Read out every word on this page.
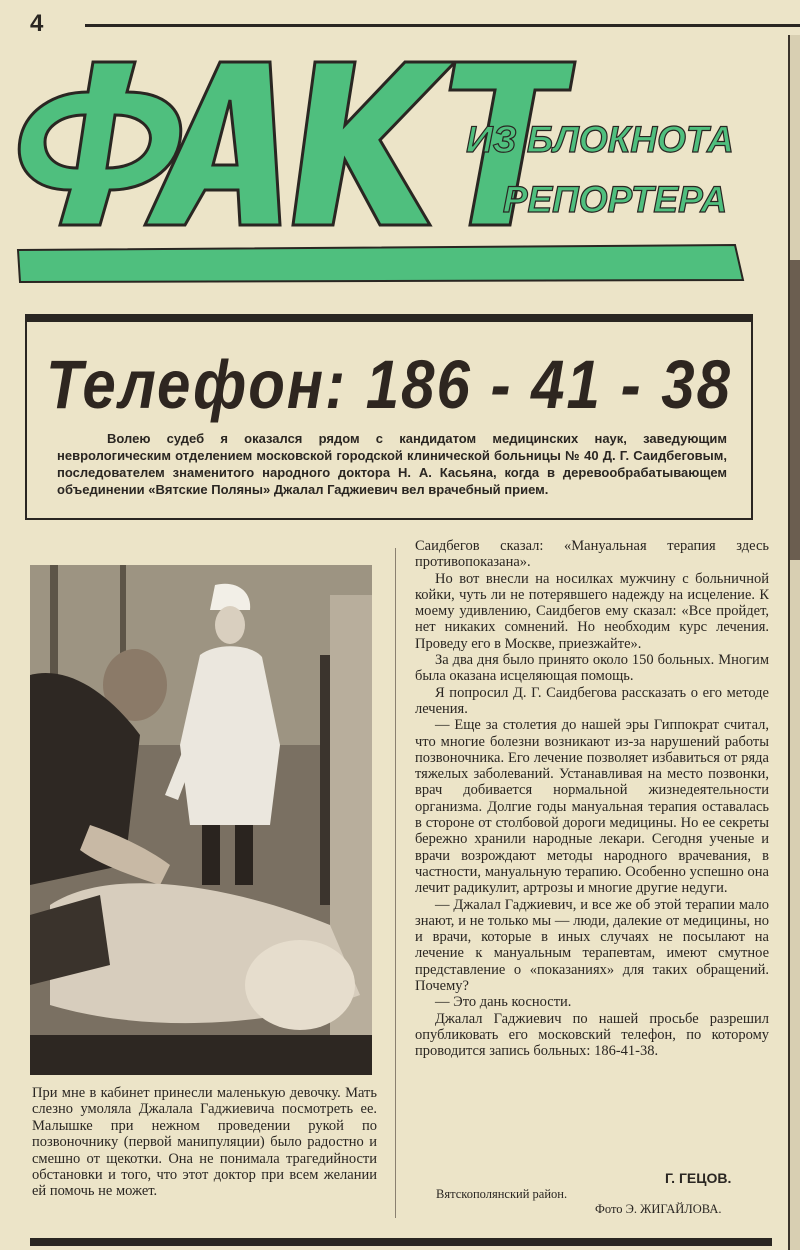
4
ИЗ БЛОКНОТА
РЕПОРТЕРА
ФАКТ
Телефон: 186 - 41 - 38

Волею судеб я оказался рядом с кандидатом медицинских наук, заведующим неврологическим отделением московской городской клинической больницы № 40 Д. Г. Саидбеговым, последователем знаменитого народного доктора Н. А. Касьяна, когда в деревообрабатывающем объединении «Вятские Поляны» Джалал Гаджиевич вел врачебный прием.

При мне в кабинет принесли маленькую девочку. Мать слезно умоляла Джалала Гаджиевича посмотреть ее. Малышке при нежном проведении рукой по позвоночнику (первой манипуляции) было радостно и смешно от щекотки. Она не понимала трагедийности обстановки и того, что этот доктор при всем желании ей помочь не может.

Саидбегов сказал: «Мануальная терапия здесь противопоказана».

Но вот внесли на носилках мужчину с больничной койки, чуть ли не потерявшего надежду на исцеление. К моему удивлению, Саидбегов ему сказал: «Все пройдет, нет никаких сомнений. Но необходим курс лечения. Проведу его в Москве, приезжайте».

За два дня было принято около 150 больных. Многим была оказана исцеляющая помощь.

Я попросил Д. Г. Саидбегова рассказать о его методе лечения.

— Еще за столетия до нашей эры Гиппократ считал, что многие болезни возникают из-за нарушений работы позвоночника. Его лечение позволяет избавиться от ряда тяжелых заболеваний. Устанавливая на место позвонки, врач добивается нормальной жизнедеятельности организма. Долгие годы мануальная терапия оставалась в стороне от столбовой дороги медицины. Но ее секреты бережно хранили народные лекари. Сегодня ученые и врачи возрождают методы народного врачевания, в частности, мануальную терапию. Особенно успешно она лечит радикулит, артрозы и многие другие недуги.

— Джалал Гаджиевич, и все же об этой терапии мало знают, и не только мы — люди, далекие от медицины, но и врачи, которые в иных случаях не посылают на лечение к мануальным терапевтам, имеют смутное представление о «показаниях» для таких обращений. Почему?

— Это дань косности.

Джалал Гаджиевич по нашей просьбе разрешил опубликовать его московский телефон, по которому проводится запись больных: 186-41-38.

Г. ГЕЦОВ.

Вятскополянский район.

Фото Э. ЖИГАЙЛОВА.
